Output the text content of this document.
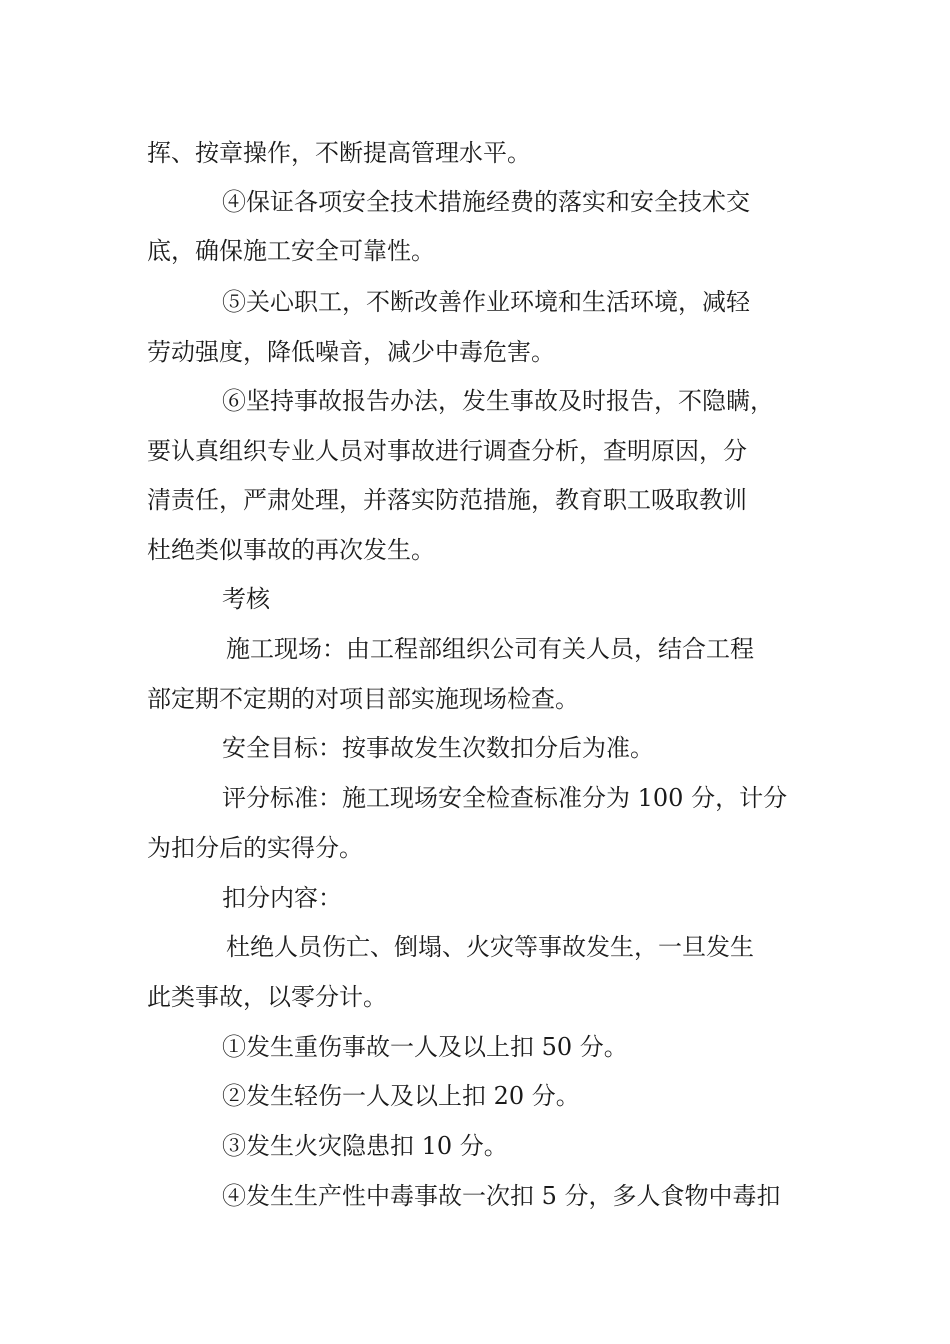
挥、按章操作，不断提高管理水平。
④保证各项安全技术措施经费的落实和安全技术交
底，确保施工安全可靠性。
⑤关心职工，不断改善作业环境和生活环境，减轻
劳动强度，降低噪音，减少中毒危害。
⑥坚持事故报告办法，发生事故及时报告，不隐瞒，
要认真组织专业人员对事故进行调查分析，查明原因，分
清责任，严肃处理，并落实防范措施，教育职工吸取教训
杜绝类似事故的再次发生。
考核
施工现场：由工程部组织公司有关人员，结合工程
部定期不定期的对项目部实施现场检查。
安全目标：按事故发生次数扣分后为准。
评分标准：施工现场安全检查标准分为 100 分，计分
为扣分后的实得分。
扣分内容：
杜绝人员伤亡、倒塌、火灾等事故发生，一旦发生
此类事故，以零分计。
①发生重伤事故一人及以上扣 50 分。
②发生轻伤一人及以上扣 20 分。
③发生火灾隐患扣 10 分。
④发生生产性中毒事故一次扣 5 分，多人食物中毒扣
